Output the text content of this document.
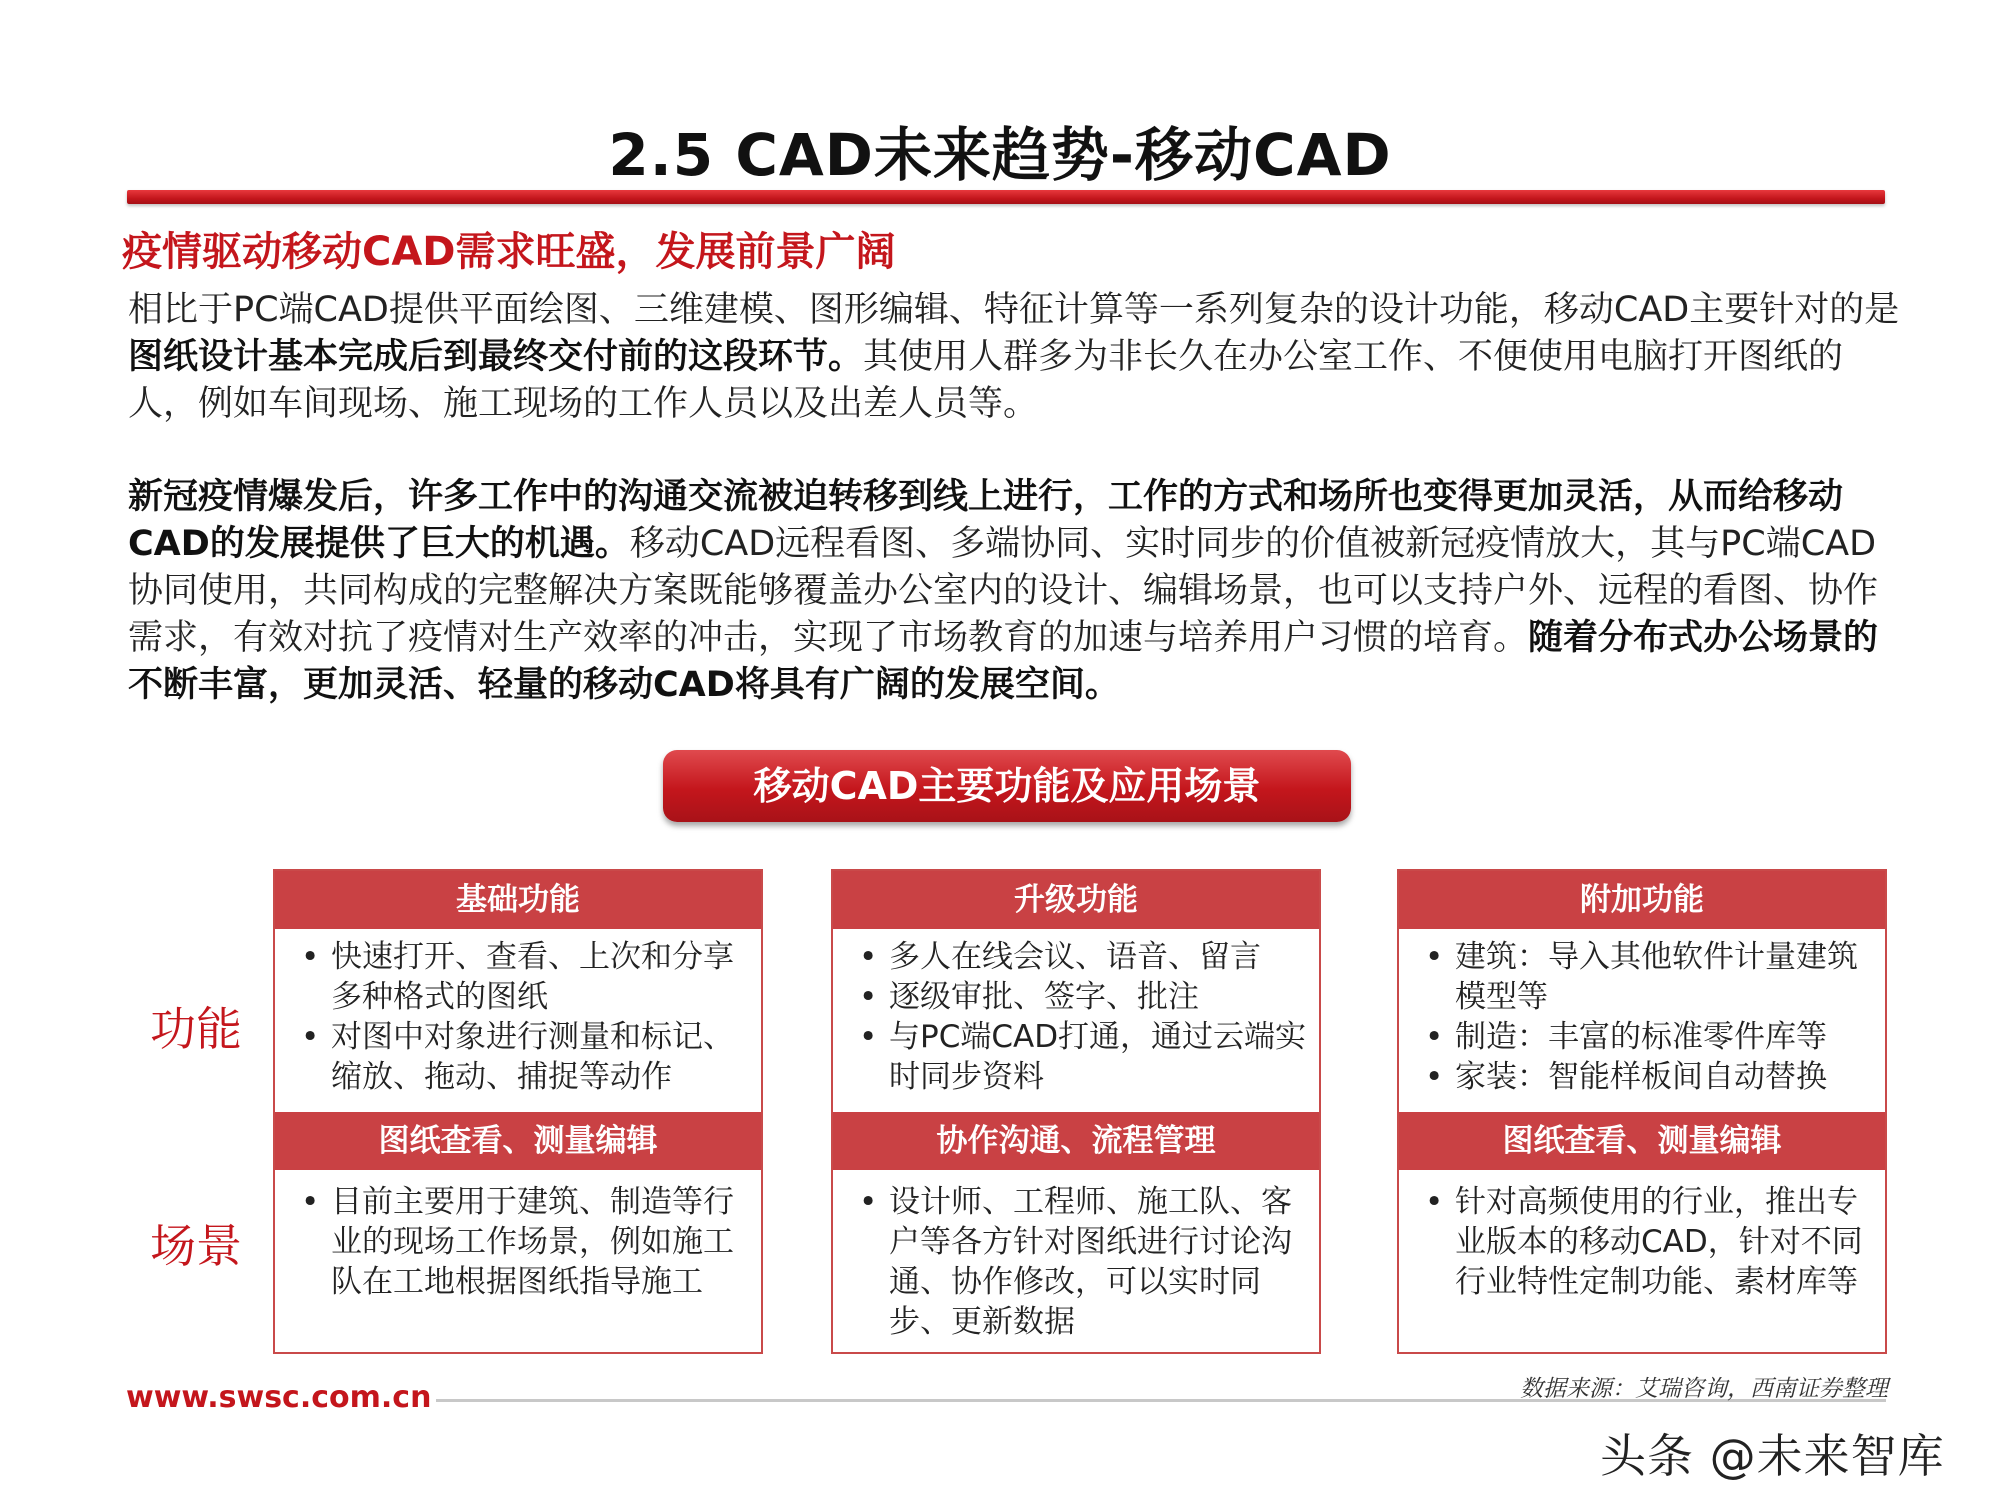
2.5 CAD未来趋势-移动CAD
疫情驱动移动CAD需求旺盛，发展前景广阔

相比于PC端CAD提供平面绘图、三维建模、图形编辑、特征计算等一系列复杂的设计功能，移动CAD主要针对的是图纸设计基本完成后到最终交付前的这段环节。其使用人群多为非长久在办公室工作、不便使用电脑打开图纸的人，例如车间现场、施工现场的工作人员以及出差人员等。

新冠疫情爆发后，许多工作中的沟通交流被迫转移到线上进行，工作的方式和场所也变得更加灵活，从而给移动CAD的发展提供了巨大的机遇。移动CAD远程看图、多端协同、实时同步的价值被新冠疫情放大，其与PC端CAD协同使用，共同构成的完整解决方案既能够覆盖办公室内的设计、编辑场景，也可以支持户外、远程的看图、协作需求，有效对抗了疫情对生产效率的冲击，实现了市场教育的加速与培养用户习惯的培育。随着分布式办公场景的不断丰富，更加灵活、轻量的移动CAD将具有广阔的发展空间。

移动CAD主要功能及应用场景
功能
场景
基础功能
• 快速打开、查看、上次和分享多种格式的图纸
• 对图中对象进行测量和标记、缩放、拖动、捕捉等动作
图纸查看、测量编辑
• 目前主要用于建筑、制造等行业的现场工作场景，例如施工队在工地根据图纸指导施工
升级功能
• 多人在线会议、语音、留言
• 逐级审批、签字、批注
• 与PC端CAD打通，通过云端实时同步资料
协作沟通、流程管理
• 设计师、工程师、施工队、客户等各方针对图纸进行讨论沟通、协作修改，可以实时同步、更新数据
附加功能
• 建筑：导入其他软件计量建筑模型等
• 制造：丰富的标准零件库等
• 家装：智能样板间自动替换
图纸查看、测量编辑
• 针对高频使用的行业，推出专业版本的移动CAD，针对不同行业特性定制功能、素材库等
www.swsc.com.cn	数据来源：艾瑞咨询，西南证券整理
头条 @未来智库
